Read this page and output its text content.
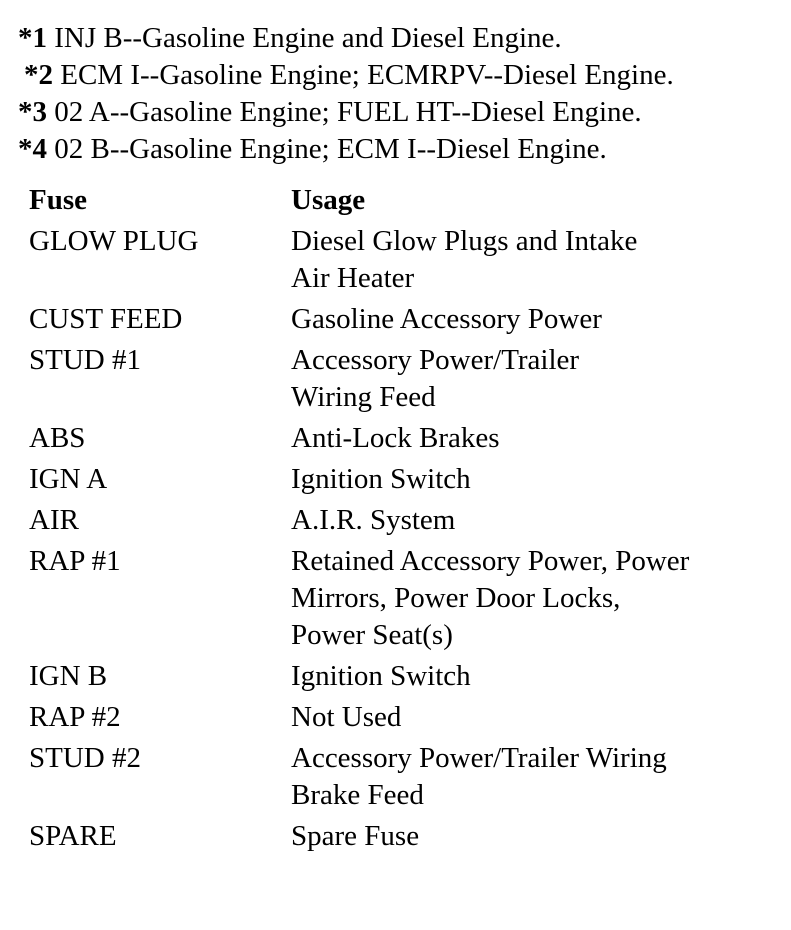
*1 INJ B--Gasoline Engine and Diesel Engine.
*2 ECM I--Gasoline Engine; ECMRPV--Diesel Engine.
*3 02 A--Gasoline Engine; FUEL HT--Diesel Engine.
*4 02 B--Gasoline Engine; ECM I--Diesel Engine.
Fuse	Usage
GLOW PLUG	Diesel Glow Plugs and Intake
Air Heater

CUST FEED	Gasoline Accessory Power

STUD #1	Accessory Power/Trailer
Wiring Feed

ABS	Anti-Lock Brakes

IGN A	Ignition Switch

AIR	A.I.R. System

RAP #1	Retained Accessory Power, Power
Mirrors, Power Door Locks,
Power Seat(s)

IGN B	Ignition Switch

RAP #2	Not Used

STUD #2	Accessory Power/Trailer Wiring
Brake Feed

SPARE	Spare Fuse
